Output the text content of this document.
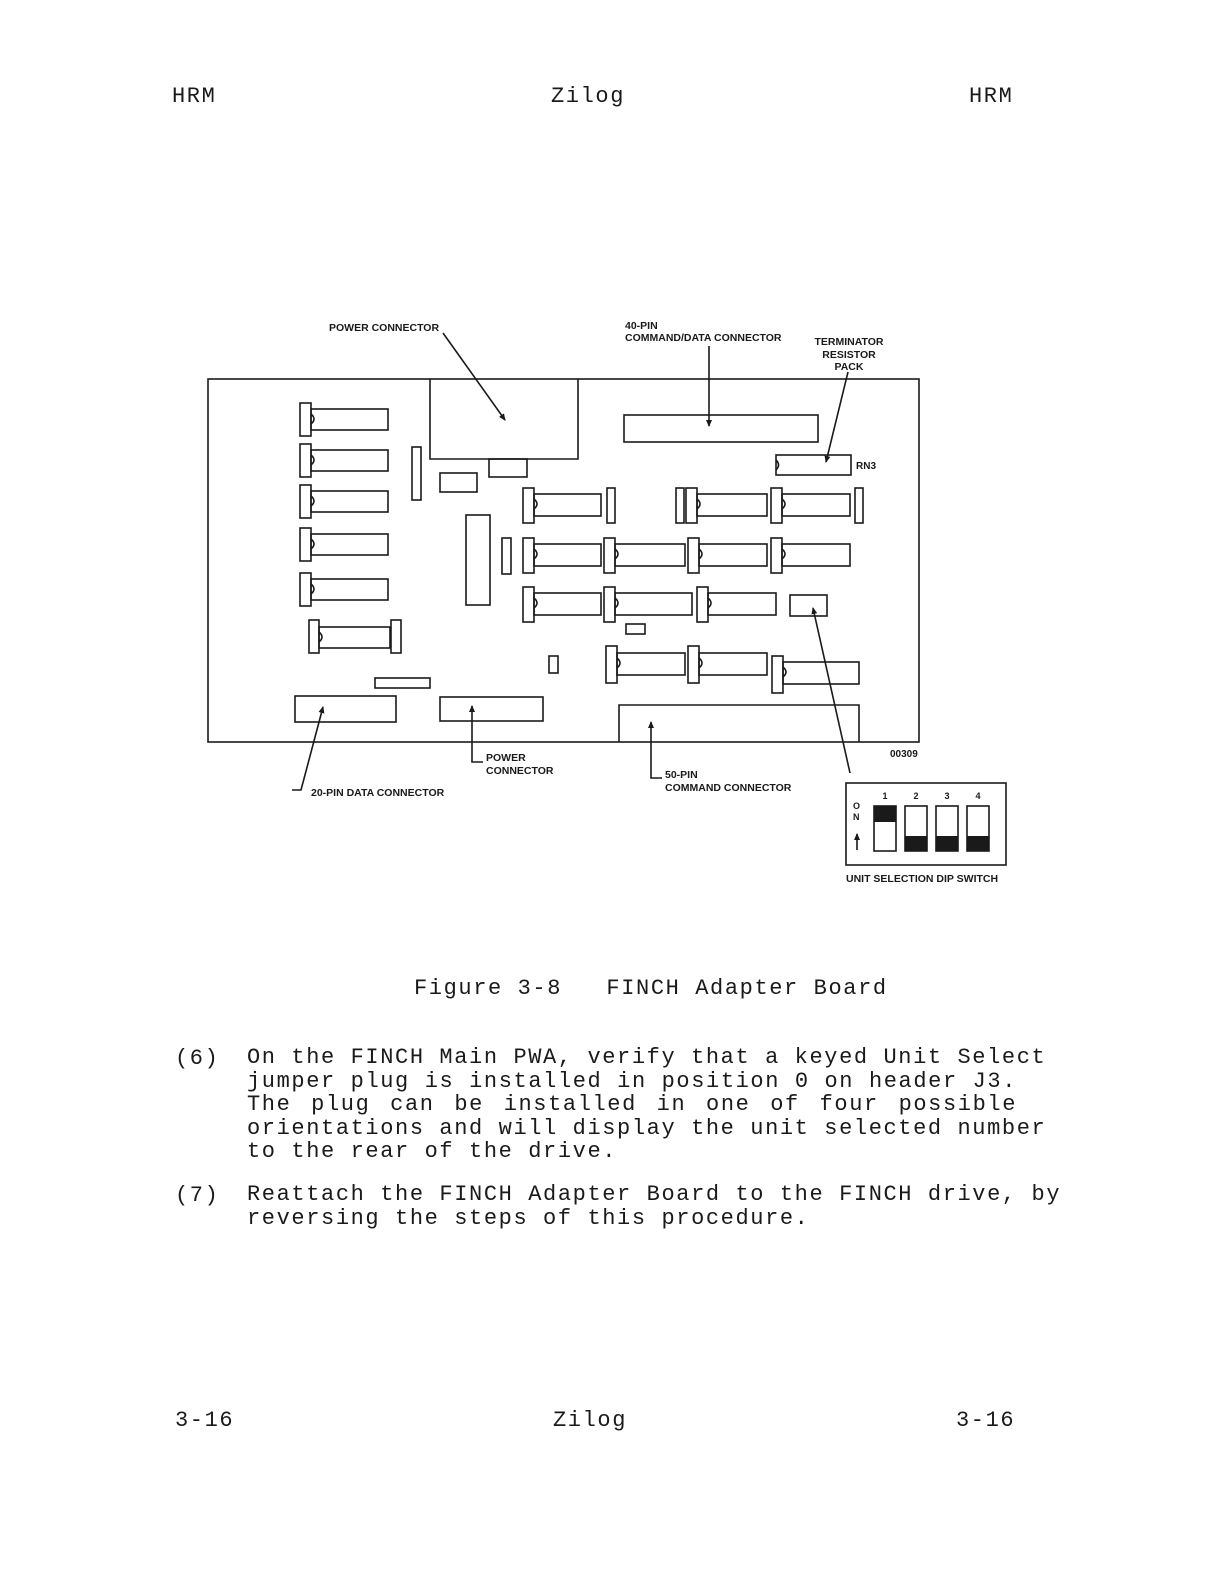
HRM	Zilog	HRM
POWER CONNECTOR	40-PIN
COMMAND/DATA CONNECTOR	TERMINATOR
RESISTOR
PACK
RN3
20-PIN DATA CONNECTOR
POWER
CONNECTOR	50-PIN
COMMAND CONNECTOR
00309
O
N
1	2	3	4
UNIT SELECTION DIP SWITCH
Figure 3-8   FINCH Adapter Board
(6) On the FINCH Main PWA, verify that a keyed Unit Select
jumper plug is installed in position 0 on header J3.
The plug can be installed in one of four possible
orientations and will display the unit selected number
to the rear of the drive.
(7) Reattach the FINCH Adapter Board to the FINCH drive, by
reversing the steps of this procedure.
3-16	Zilog	3-16
